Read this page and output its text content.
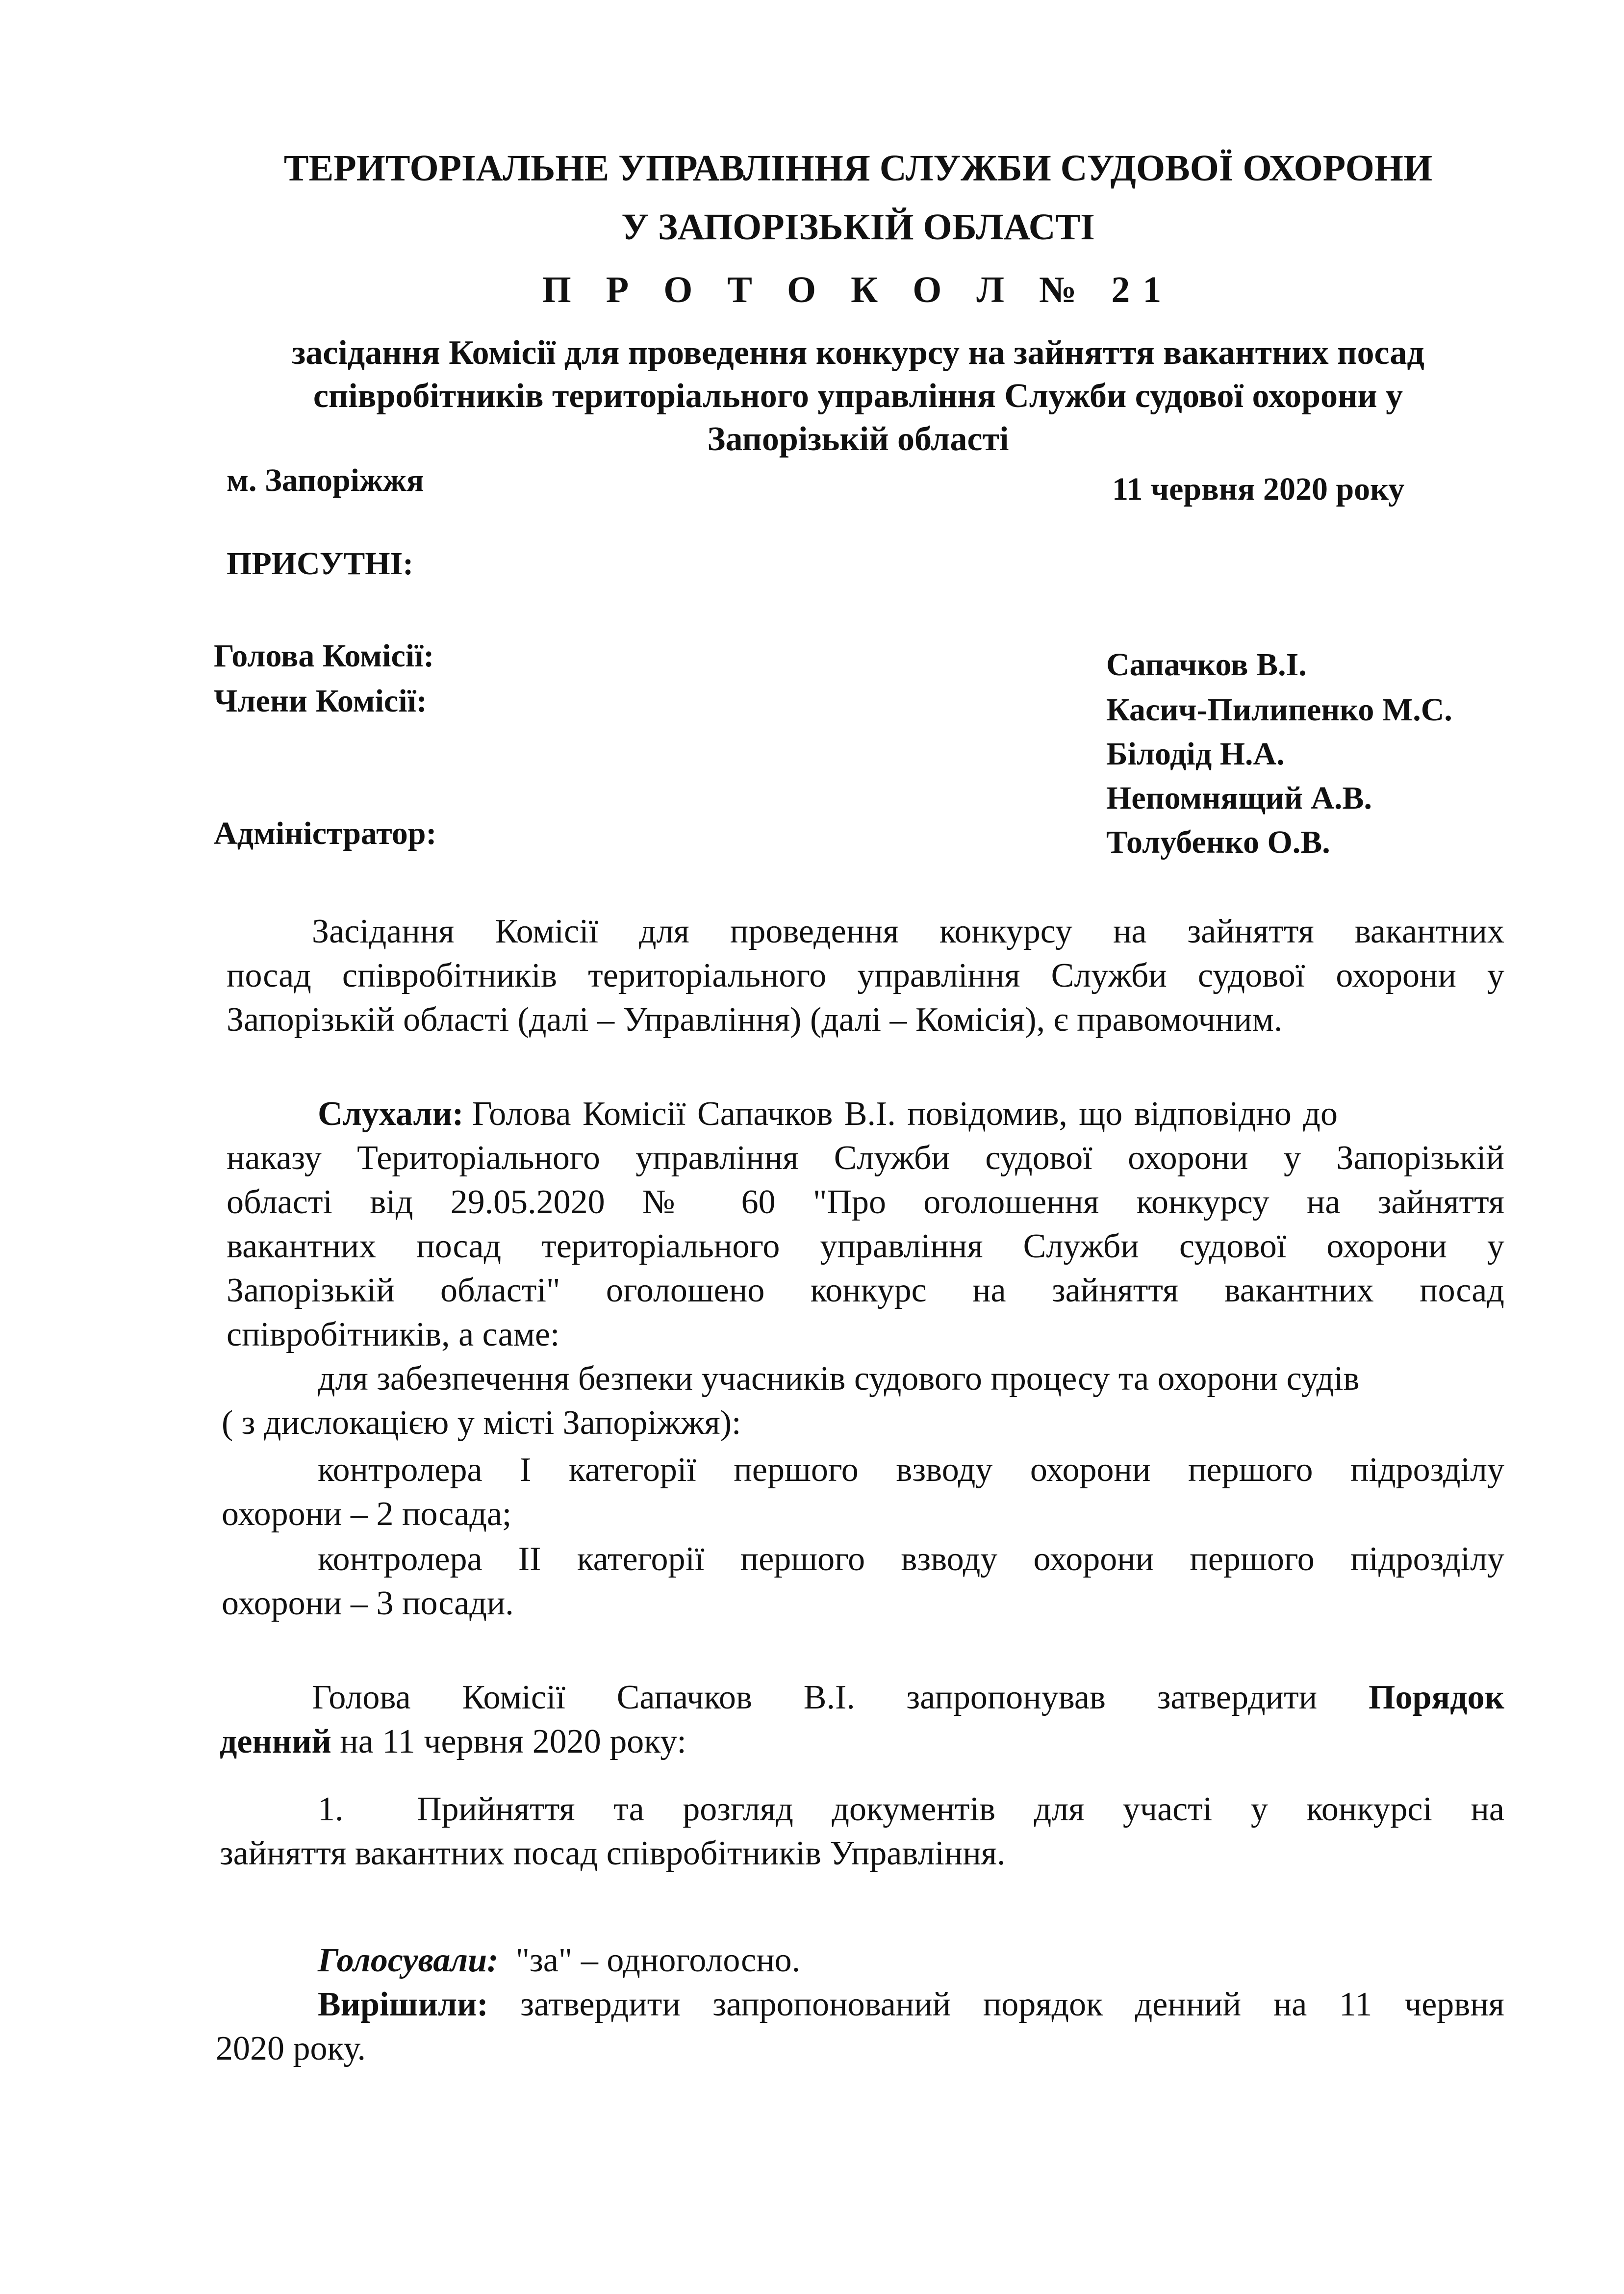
ТЕРИТОРІАЛЬНЕ УПРАВЛІННЯ СЛУЖБИ СУДОВОЇ ОХОРОНИ
У ЗАПОРІЗЬКІЙ ОБЛАСТІ
П Р О Т О К О Л № 21
засідання Комісії для проведення конкурсу на зайняття вакантних посад
співробітників територіального управління Служби судової охорони у
Запорізькій області
м. Запоріжжя	11 червня 2020 року
ПРИСУТНІ:
Голова Комісії:
Члени Комісії:
Адміністратор:
Сапачков В.І.
Касич-Пилипенко М.С.
Білодід Н.А.
Непомнящий А.В.
Толубенко О.В.
Засідання Комісії для проведення конкурсу на зайняття вакантних
посад співробітників територіального управління Служби судової охорони у
Запорізькій області (далі – Управління) (далі – Комісія), є правомочним.
Слухали: Голова Комісії Сапачков В.І. повідомив, що відповідно до
наказу Територіального управління Служби судової охорони у Запорізькій
області від 29.05.2020 № 60 "Про оголошення конкурсу на зайняття
вакантних посад територіального управління Служби судової охорони у
Запорізькій області" оголошено конкурс на зайняття вакантних посад
співробітників, а саме:
для забезпечення безпеки учасників судового процесу та охорони судів
( з дислокацією у місті Запоріжжя):
контролера I категорії першого взводу охорони першого підрозділу
охорони – 2 посада;
контролера II категорії першого взводу охорони першого підрозділу
охорони – 3 посади.
Голова Комісії Сапачков В.І. запропонував затвердити Порядок
денний на 11 червня 2020 року:
1. Прийняття та розгляд документів для участі у конкурсі на
зайняття вакантних посад співробітників Управління.
Голосували: "за" – одноголосно.
Вирішили: затвердити запропонований порядок денний на 11 червня
2020 року.
